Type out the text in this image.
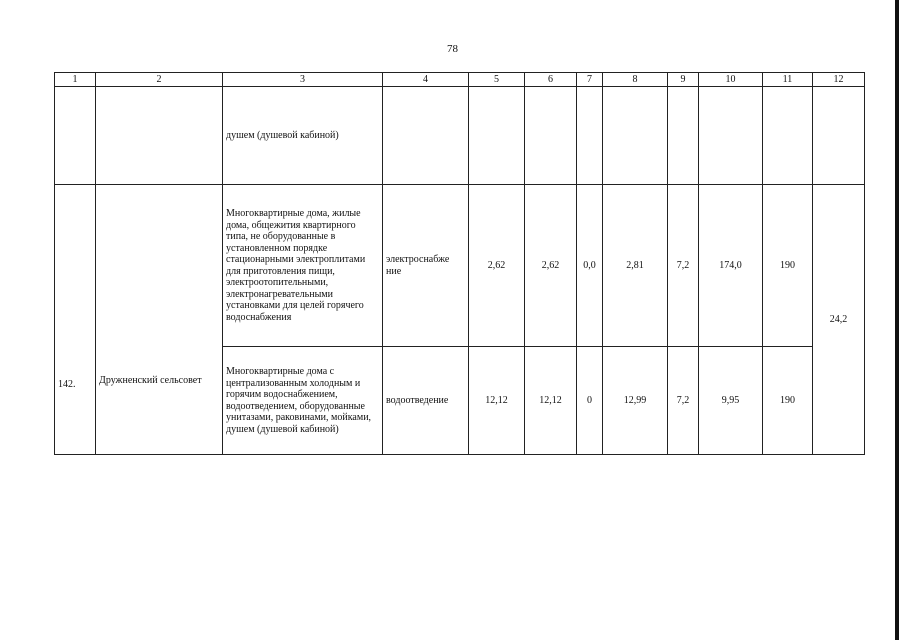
78
1	2	3	4	5	6	7	8	9	10	11	12
		душем (душевой кабиной)									

142.	Дружненский сельсовет	Многоквартирные дома, жилые дома, общежития квартирного типа, не оборудованные в установленном порядке стационарными электроплитами для приготовления пищи, электроотопительными, электронагревательными установками для целей горячего водоснабжения	электроснабже ние	2,62	2,62	0,0	2,81	7,2	174,0	190	24,2
		Многоквартирные дома с централизованным холодным и горячим водоснабжением, водоотведением, оборудованные унитазами, раковинами, мойками, душем (душевой кабиной)	водоотведение	12,12	12,12	0	12,99	7,2	9,95	190	
